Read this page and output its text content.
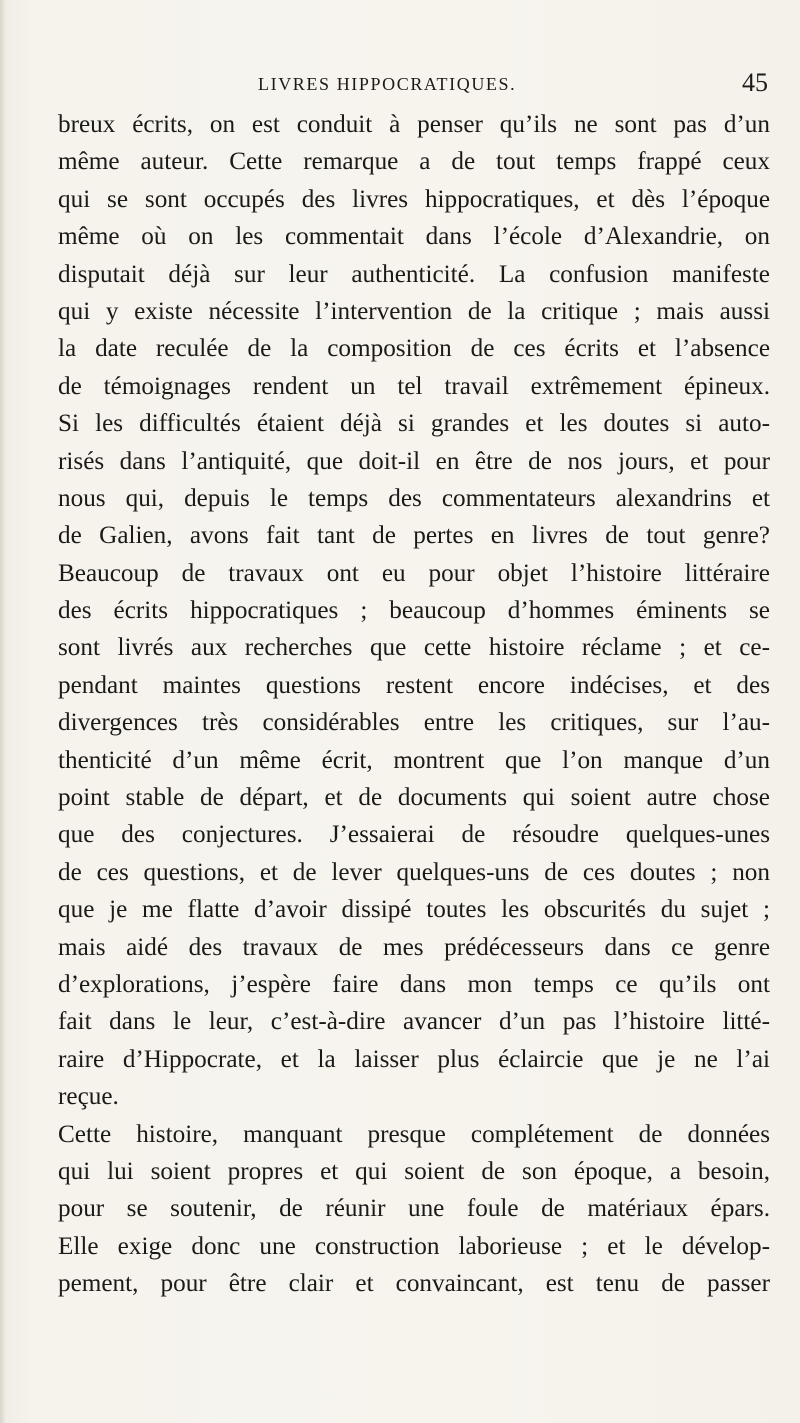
LIVRES HIPPOCRATIQUES.	45
breux écrits, on est conduit à penser qu’ils ne sont pas d’un
même auteur. Cette remarque a de tout temps frappé ceux
qui se sont occupés des livres hippocratiques, et dès l’époque
même où on les commentait dans l’école d’Alexandrie, on
disputait déjà sur leur authenticité. La confusion manifeste
qui y existe nécessite l’intervention de la critique ; mais aussi
la date reculée de la composition de ces écrits et l’absence
de témoignages rendent un tel travail extrêmement épineux.
Si les difficultés étaient déjà si grandes et les doutes si auto-
risés dans l’antiquité, que doit-il en être de nos jours, et pour
nous qui, depuis le temps des commentateurs alexandrins et
de Galien, avons fait tant de pertes en livres de tout genre?
Beaucoup de travaux ont eu pour objet l’histoire littéraire
des écrits hippocratiques ; beaucoup d’hommes éminents se
sont livrés aux recherches que cette histoire réclame ; et ce-
pendant maintes questions restent encore indécises, et des
divergences très considérables entre les critiques, sur l’au-
thenticité d’un même écrit, montrent que l’on manque d’un
point stable de départ, et de documents qui soient autre chose
que des conjectures. J’essaierai de résoudre quelques-unes
de ces questions, et de lever quelques-uns de ces doutes ; non
que je me flatte d’avoir dissipé toutes les obscurités du sujet ;
mais aidé des travaux de mes prédécesseurs dans ce genre
d’explorations, j’espère faire dans mon temps ce qu’ils ont
fait dans le leur, c’est-à-dire avancer d’un pas l’histoire litté-
raire d’Hippocrate, et la laisser plus éclaircie que je ne l’ai
reçue.
Cette histoire, manquant presque complétement de données
qui lui soient propres et qui soient de son époque, a besoin,
pour se soutenir, de réunir une foule de matériaux épars.
Elle exige donc une construction laborieuse ; et le dévelop-
pement, pour être clair et convaincant, est tenu de passer
